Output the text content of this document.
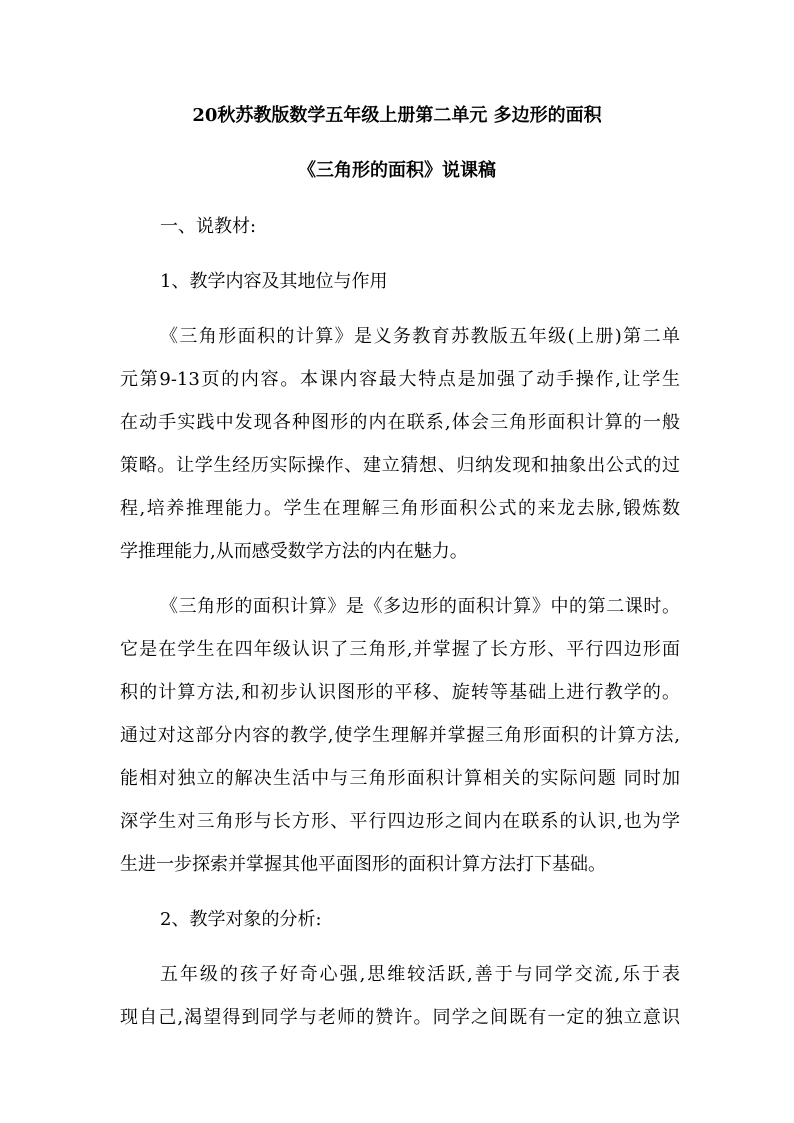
20秋苏教版数学五年级上册第二单元 多边形的面积
《三角形的面积》说课稿
一、说教材:
1、教学内容及其地位与作用
《三角形面积的计算》是义务教育苏教版五年级(上册)第二单
元第9-13页的内容。本课内容最大特点是加强了动手操作,让学生
在动手实践中发现各种图形的内在联系,体会三角形面积计算的一般
策略。让学生经历实际操作、建立猜想、归纳发现和抽象出公式的过
程,培养推理能力。学生在理解三角形面积公式的来龙去脉,锻炼数
学推理能力,从而感受数学方法的内在魅力。
《三角形的面积计算》是《多边形的面积计算》中的第二课时。
它是在学生在四年级认识了三角形,并掌握了长方形、平行四边形面
积的计算方法,和初步认识图形的平移、旋转等基础上进行教学的。
通过对这部分内容的教学,使学生理解并掌握三角形面积的计算方法,
能相对独立的解决生活中与三角形面积计算相关的实际问题 同时加
深学生对三角形与长方形、平行四边形之间内在联系的认识,也为学
生进一步探索并掌握其他平面图形的面积计算方法打下基础。
2、教学对象的分析:
五年级的孩子好奇心强,思维较活跃,善于与同学交流,乐于表
现自己,渴望得到同学与老师的赞许。同学之间既有一定的独立意识
